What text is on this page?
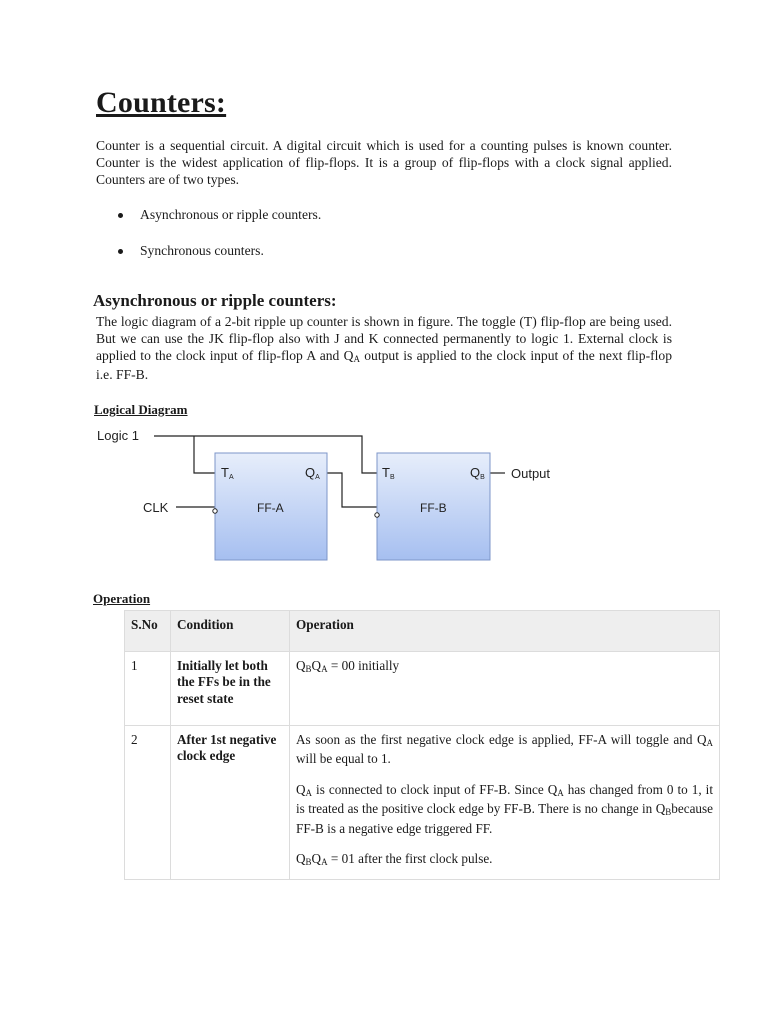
Counters:
Counter is a sequential circuit. A digital circuit which is used for a counting pulses is known counter. Counter is the widest application of flip-flops. It is a group of flip-flops with a clock signal applied. Counters are of two types.
Asynchronous or ripple counters.
Synchronous counters.
Asynchronous or ripple counters:
The logic diagram of a 2-bit ripple up counter is shown in figure. The toggle (T) flip-flop are being used. But we can use the JK flip-flop also with J and K connected permanently to logic 1. External clock is applied to the clock input of flip-flop A and $Q_A$ output is applied to the clock input of the next flip-flop i.e. FF-B.
Logical Diagram
Logic 1
CLK
Output
TA	QA
FF-A
TB	QB
FF-B
Operation
S.No	Condition	Operation
1	Initially let both the FFs be in the reset state	$Q_BQ_A = 00$ initially
2	After 1st negative clock edge	As soon as the first negative clock edge is applied, FF-A will toggle and $Q_A$ will be equal to 1.

$Q_A$ is connected to clock input of FF-B. Since $Q_A$ has changed from 0 to 1, it is treated as the positive clock edge by FF-B. There is no change in $Q_Bbecause$ FF-B is a negative edge triggered FF.

$Q_BQ_A = 01$ after the first clock pulse.
